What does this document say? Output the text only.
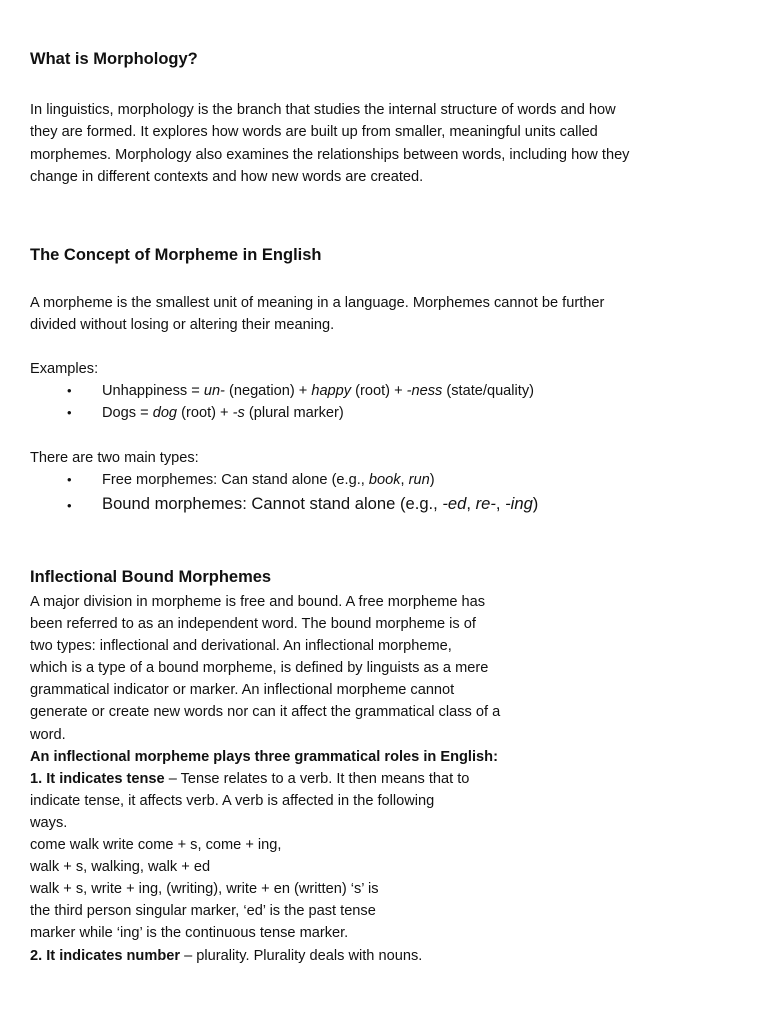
What is Morphology?

In linguistics, morphology is the branch that studies the internal structure of words and how
they are formed. It explores how words are built up from smaller, meaningful units called
morphemes. Morphology also examines the relationships between words, including how they
change in different contexts and how new words are created.

The Concept of Morpheme in English

A morpheme is the smallest unit of meaning in a language. Morphemes cannot be further
divided without losing or altering their meaning.

Examples:

• Unhappiness = un- (negation) + happy (root) + -ness (state/quality)
• Dogs = dog (root) + -s (plural marker)

There are two main types:

• Free morphemes: Can stand alone (e.g., book, run)
• Bound morphemes: Cannot stand alone (e.g., -ed, re-, -ing)
Inflectional Bound Morphemes

A major division in morpheme is free and bound. A free morpheme has
been referred to as an independent word. The bound morpheme is of
two types: inflectional and derivational. An inflectional morpheme,
which is a type of a bound morpheme, is defined by linguists as a mere
grammatical indicator or marker. An inflectional morpheme cannot
generate or create new words nor can it affect the grammatical class of a
word.
An inflectional morpheme plays three grammatical roles in English:
1. It indicates tense – Tense relates to a verb. It then means that to
indicate tense, it affects verb. A verb is affected in the following
ways.
come walk write come + s, come + ing,
walk + s, walking, walk + ed
walk + s, write + ing, (writing), write + en (written) ‘s’ is
the third person singular marker, ‘ed’ is the past tense
marker while ‘ing’ is the continuous tense marker.
2. It indicates number – plurality. Plurality deals with nouns.
